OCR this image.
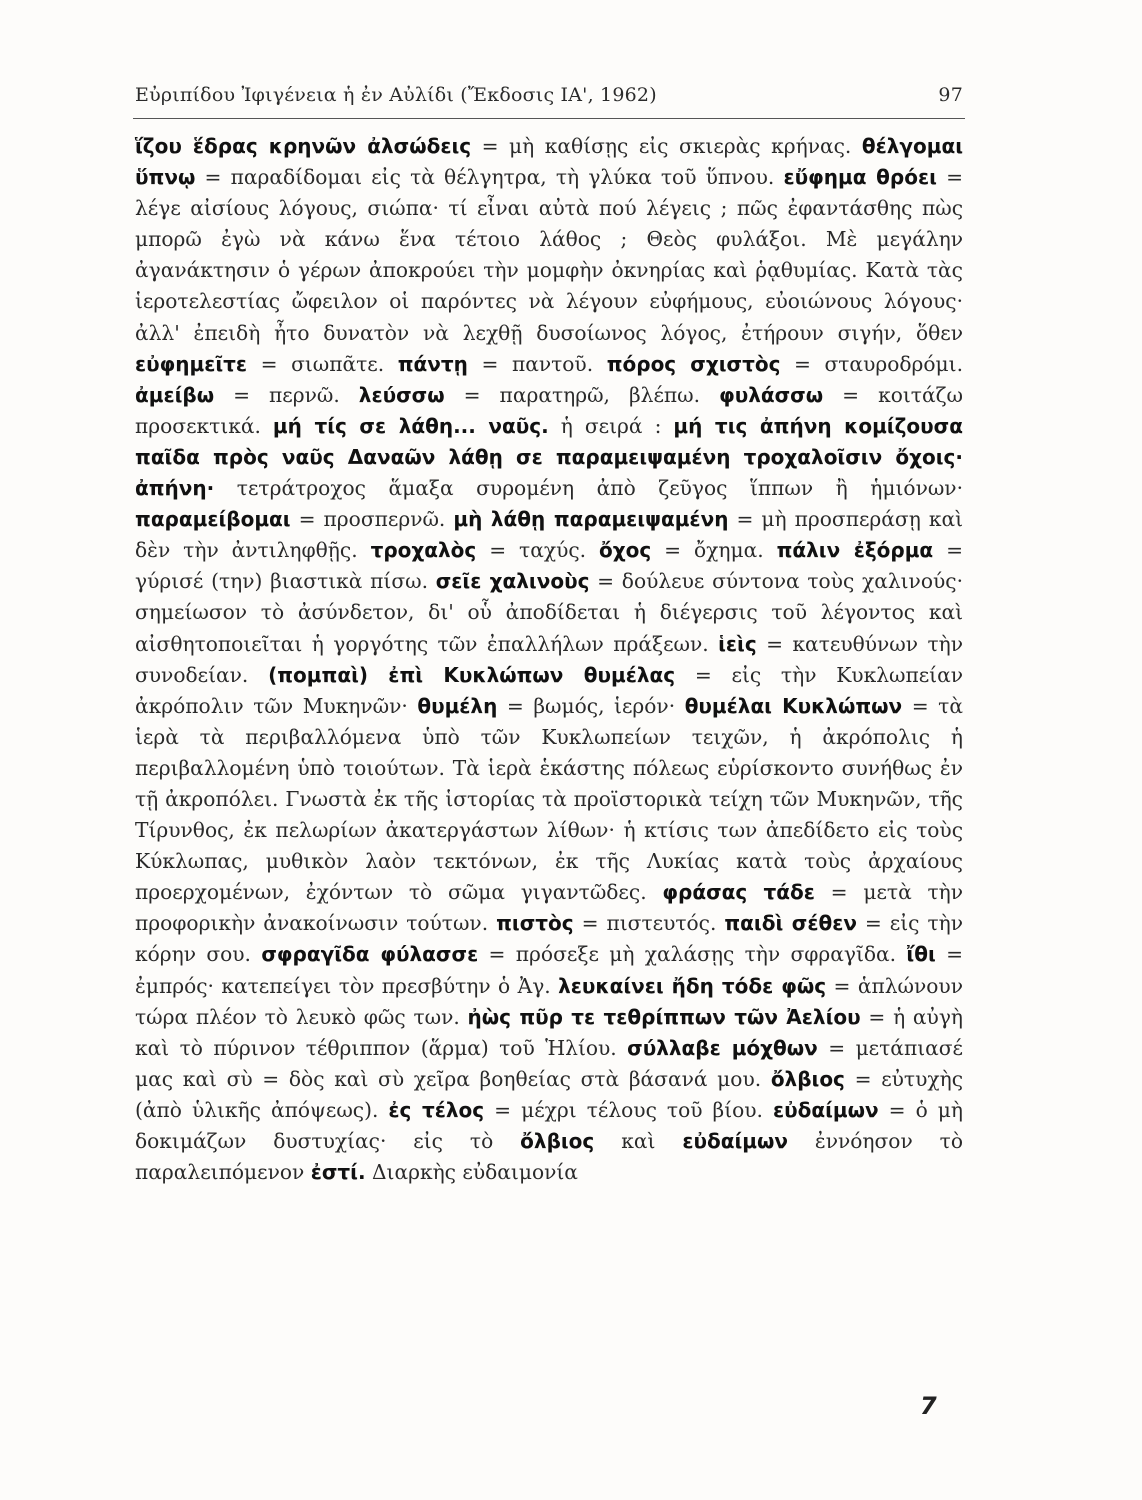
Εὐριπίδου Ἰφιγένεια ἡ ἐν Αὐλίδι (Ἔκδοσις ΙΑ', 1962)	97
ἵζου ἕδρας κρηνῶν ἀλσώδεις = μὴ καθίσῃς εἰς σκιερὰς κρήνας. θέλγομαι ὕπνῳ = παραδίδομαι εἰς τὰ θέλγητρα, τὴ γλύκα τοῦ ὕπνου. εὔφημα θρόει = λέγε αἰσίους λόγους, σιώπα· τί εἶναι αὐτὰ πού λέγεις ; πῶς ἐφαντάσθης πὼς μπορῶ ἐγὼ νὰ κάνω ἕνα τέτοιο λάθος ; Θεὸς φυλάξοι. Μὲ μεγάλην ἀγανάκτησιν ὁ γέρων ἀποκρούει τὴν μομφὴν ὀκνηρίας καὶ ῥᾳθυμίας. Κατὰ τὰς ἱεροτελεστίας ὤφειλον οἱ παρόντες νὰ λέγουν εὐφήμους, εὐοιώνους λόγους· ἀλλ' ἐπειδὴ ἦτο δυνατὸν νὰ λεχθῇ δυσοίωνος λόγος, ἐτήρουν σιγήν, ὅθεν εὐφημεῖτε = σιωπᾶτε. πάντῃ = παντοῦ. πόρος σχιστὸς = σταυροδρόμι. ἀμείβω = περνῶ. λεύσσω = παρατηρῶ, βλέπω. φυλάσσω = κοιτάζω προσεκτικά. μή τίς σε λάθη... ναῦς. ἡ σειρά : μή τις ἀπήνη κομίζουσα παῖδα πρὸς ναῦς Δαναῶν λάθῃ σε παραμειψαμένη τροχαλοῖσιν ὄχοις· ἀπήνη· τετράτροχος ἅμαξα συρομένη ἀπὸ ζεῦγος ἵππων ἢ ἡμιόνων· παραμείβομαι = προσπερνῶ. μὴ λάθῃ παραμειψαμένη = μὴ προσπεράσῃ καὶ δὲν τὴν ἀντιληφθῇς. τροχαλὸς = ταχύς. ὄχος = ὄχημα. πάλιν ἐξόρμα = γύρισέ (την) βιαστικὰ πίσω. σεῖε χαλινοὺς = δούλευε σύντονα τοὺς χαλινούς· σημείωσον τὸ ἀσύνδετον, δι' οὗ ἀποδίδεται ἡ διέγερσις τοῦ λέγοντος καὶ αἰσθητοποιεῖται ἡ γοργότης τῶν ἐπαλλήλων πράξεων. ἱεὶς = κατευθύνων τὴν συνοδείαν. (πομπαὶ) ἐπὶ Κυκλώπων θυμέλας = εἰς τὴν Κυκλωπείαν ἀκρόπολιν τῶν Μυκηνῶν· θυμέλη = βωμός, ἱερόν· θυμέλαι Κυκλώπων = τὰ ἱερὰ τὰ περιβαλλόμενα ὑπὸ τῶν Κυκλωπείων τειχῶν, ἡ ἀκρόπολις ἡ περιβαλλομένη ὑπὸ τοιούτων. Τὰ ἱερὰ ἑκάστης πόλεως εὑρίσκοντο συνήθως ἐν τῇ ἀκροπόλει. Γνωστὰ ἐκ τῆς ἱστορίας τὰ προϊστορικὰ τείχη τῶν Μυκηνῶν, τῆς Τίρυνθος, ἐκ πελωρίων ἀκατεργάστων λίθων· ἡ κτίσις των ἀπεδίδετο εἰς τοὺς Κύκλωπας, μυθικὸν λαὸν τεκτόνων, ἐκ τῆς Λυκίας κατὰ τοὺς ἀρχαίους προερχομένων, ἐχόντων τὸ σῶμα γιγαντῶδες. φράσας τάδε = μετὰ τὴν προφορικὴν ἀνακοίνωσιν τούτων. πιστὸς = πιστευτός. παιδὶ σέθεν = εἰς τὴν κόρην σου. σφραγῖδα φύλασσε = πρόσεξε μὴ χαλάσῃς τὴν σφραγῖδα. ἴθι = ἐμπρός· κατεπείγει τὸν πρεσβύτην ὁ Ἀγ. λευκαίνει ἤδη τόδε φῶς = ἁπλώνουν τώρα πλέον τὸ λευκὸ φῶς των. ἠὼς πῦρ τε τεθρίππων τῶν Ἀελίου = ἡ αὐγὴ καὶ τὸ πύρινον τέθριππον (ἅρμα) τοῦ Ἡλίου. σύλλαβε μόχθων = μετάπιασέ μας καὶ σὺ = δὸς καὶ σὺ χεῖρα βοηθείας στὰ βάσανά μου. ὄλβιος = εὐτυχὴς (ἀπὸ ὑλικῆς ἀπόψεως). ἐς τέλος = μέχρι τέλους τοῦ βίου. εὐδαίμων = ὁ μὴ δοκιμάζων δυστυχίας· εἰς τὸ ὄλβιος καὶ εὐδαίμων ἐννόησον τὸ παραλειπόμενον ἐστί. Διαρκὴς εὐδαιμονία
7
